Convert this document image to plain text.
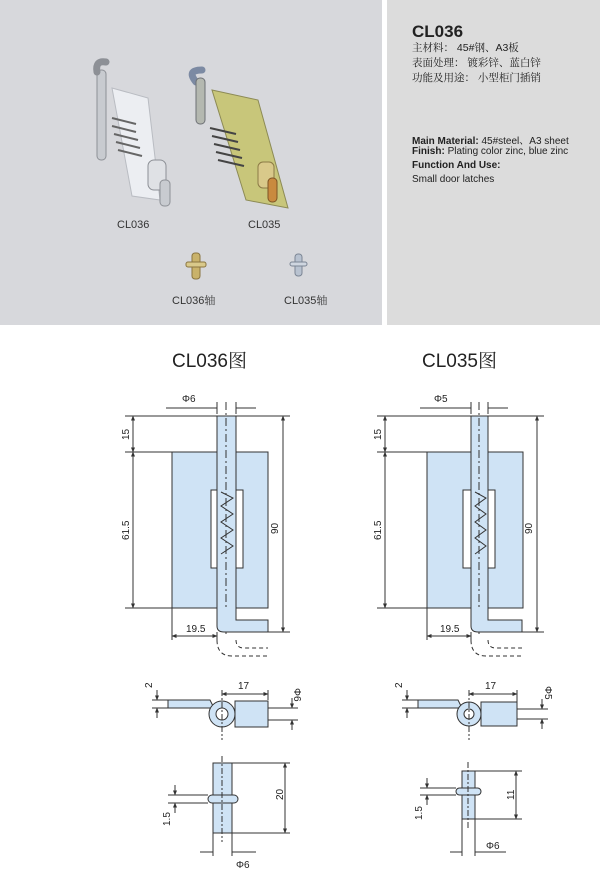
CL036	CL035
CL036轴	CL035轴
CL036
主材料： 45#钢、A3板
表面处理： 镀彩锌、蓝白锌
功能及用途： 小型柜门插销
Main Material: 45#steel、A3 sheet
Finish: Plating color zinc, blue zinc
Function And Use:
Small door latches
CL036图	CL035图
Φ6
15
61.5	90
19.5
2	17
Φ6
20
1.5
Φ6
Φ5
15
61.5	90
19.5
2	17	Φ5
11
1.5
Φ6
